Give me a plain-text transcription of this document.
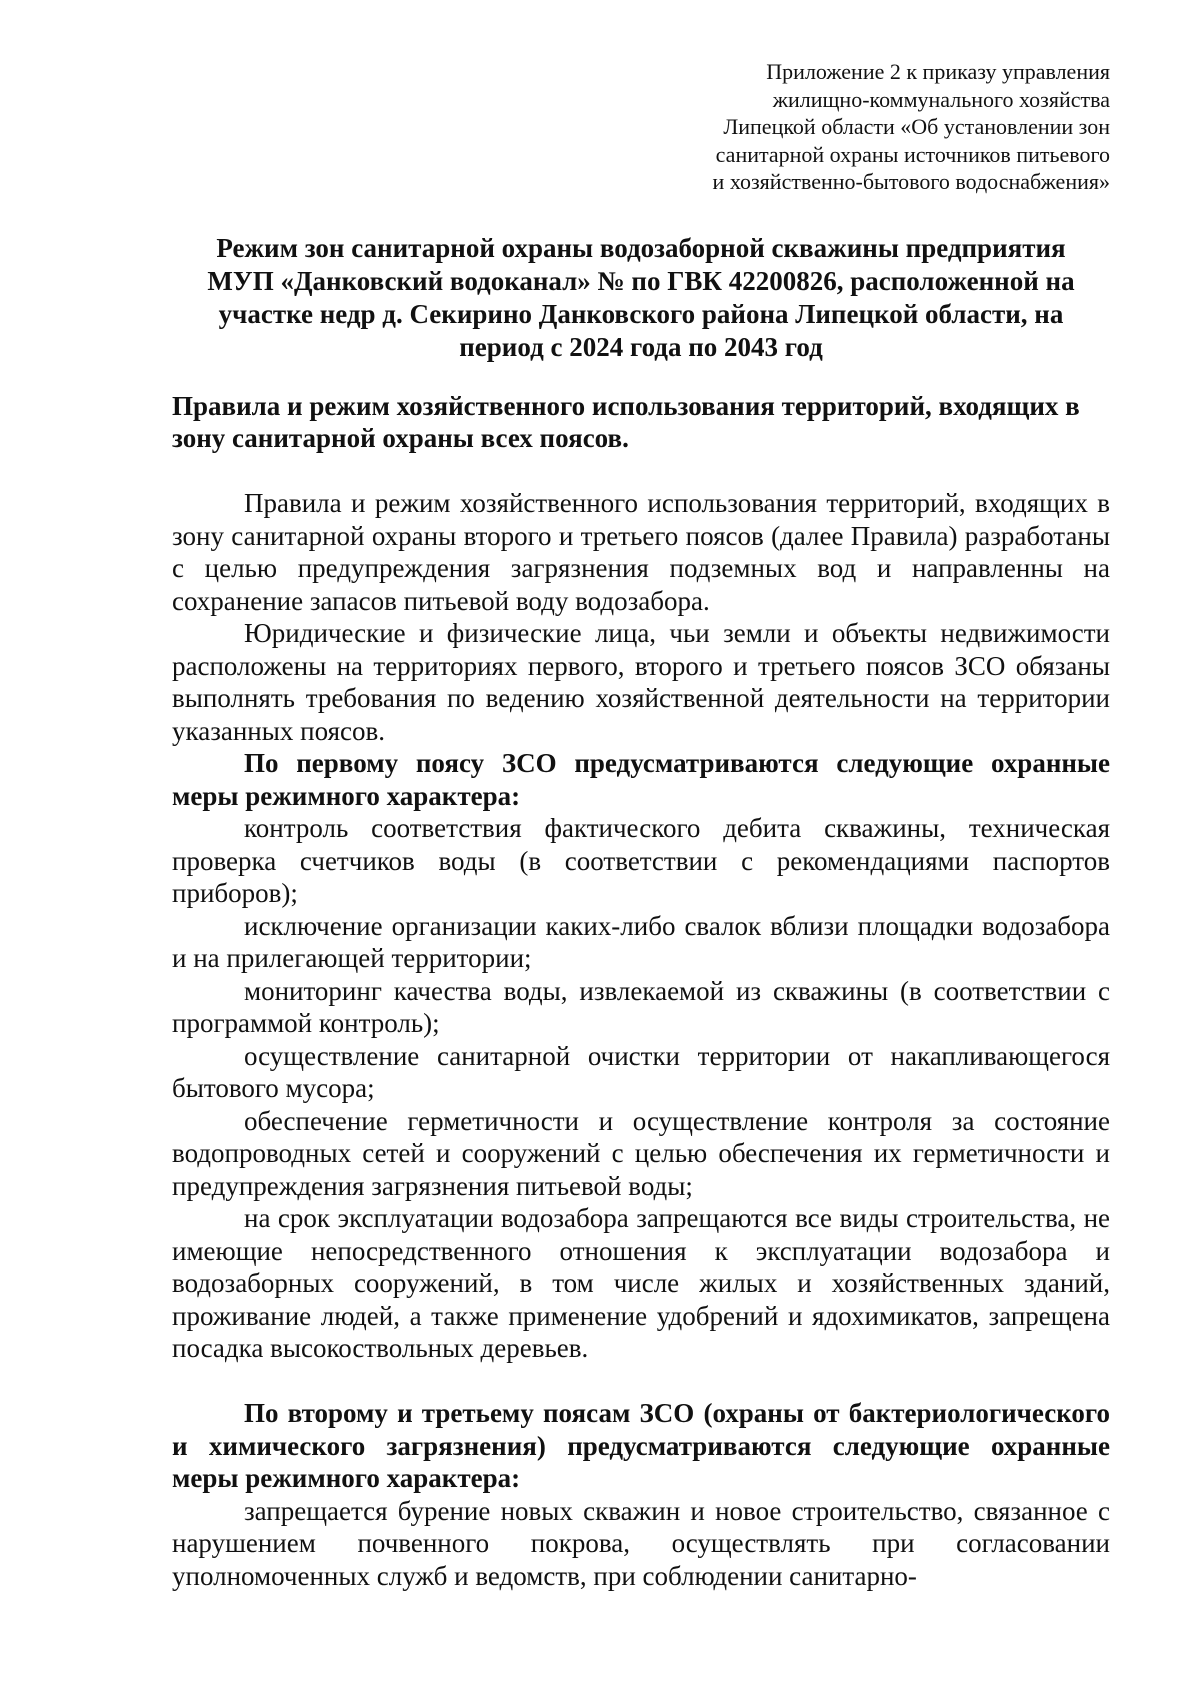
Приложение 2 к приказу управления
жилищно-коммунального хозяйства
Липецкой области «Об установлении зон
санитарной охраны источников питьевого
и хозяйственно-бытового водоснабжения»
Режим зон санитарной охраны водозаборной скважины предприятия
МУП «Данковский водоканал» № по ГВК 42200826, расположенной на
участке недр д. Секирино Данковского района Липецкой области, на
период с 2024 года по 2043 год
Правила и режим хозяйственного использования территорий, входящих в зону санитарной охраны всех поясов.

Правила и режим хозяйственного использования территорий, входящих в зону санитарной охраны второго и третьего поясов (далее Правила) разработаны с целью предупреждения загрязнения подземных вод и направленны на сохранение запасов питьевой воду водозабора.

Юридические и физические лица, чьи земли и объекты недвижимости расположены на территориях первого, второго и третьего поясов ЗСО обязаны выполнять требования по ведению хозяйственной деятельности на территории указанных поясов.

По первому поясу ЗСО предусматриваются следующие охранные меры режимного характера:

контроль соответствия фактического дебита скважины, техническая проверка счетчиков воды (в соответствии с рекомендациями паспортов приборов);

исключение организации каких-либо свалок вблизи площадки водозабора и на прилегающей территории;

мониторинг качества воды, извлекаемой из скважины (в соответствии с программой контроль);

осуществление санитарной очистки территории от накапливающегося бытового мусора;

обеспечение герметичности и осуществление контроля за состояние водопроводных сетей и сооружений с целью обеспечения их герметичности и предупреждения загрязнения питьевой воды;

на срок эксплуатации водозабора запрещаются все виды строительства, не имеющие непосредственного отношения к эксплуатации водозабора и водозаборных сооружений, в том числе жилых и хозяйственных зданий, проживание людей, а также применение удобрений и ядохимикатов, запрещена посадка высокоствольных деревьев.

По второму и третьему поясам ЗСО (охраны от бактериологического и химического загрязнения) предусматриваются следующие охранные меры режимного характера:

запрещается бурение новых скважин и новое строительство, связанное с нарушением почвенного покрова, осуществлять при согласовании уполномоченных служб и ведомств, при соблюдении санитарно-
